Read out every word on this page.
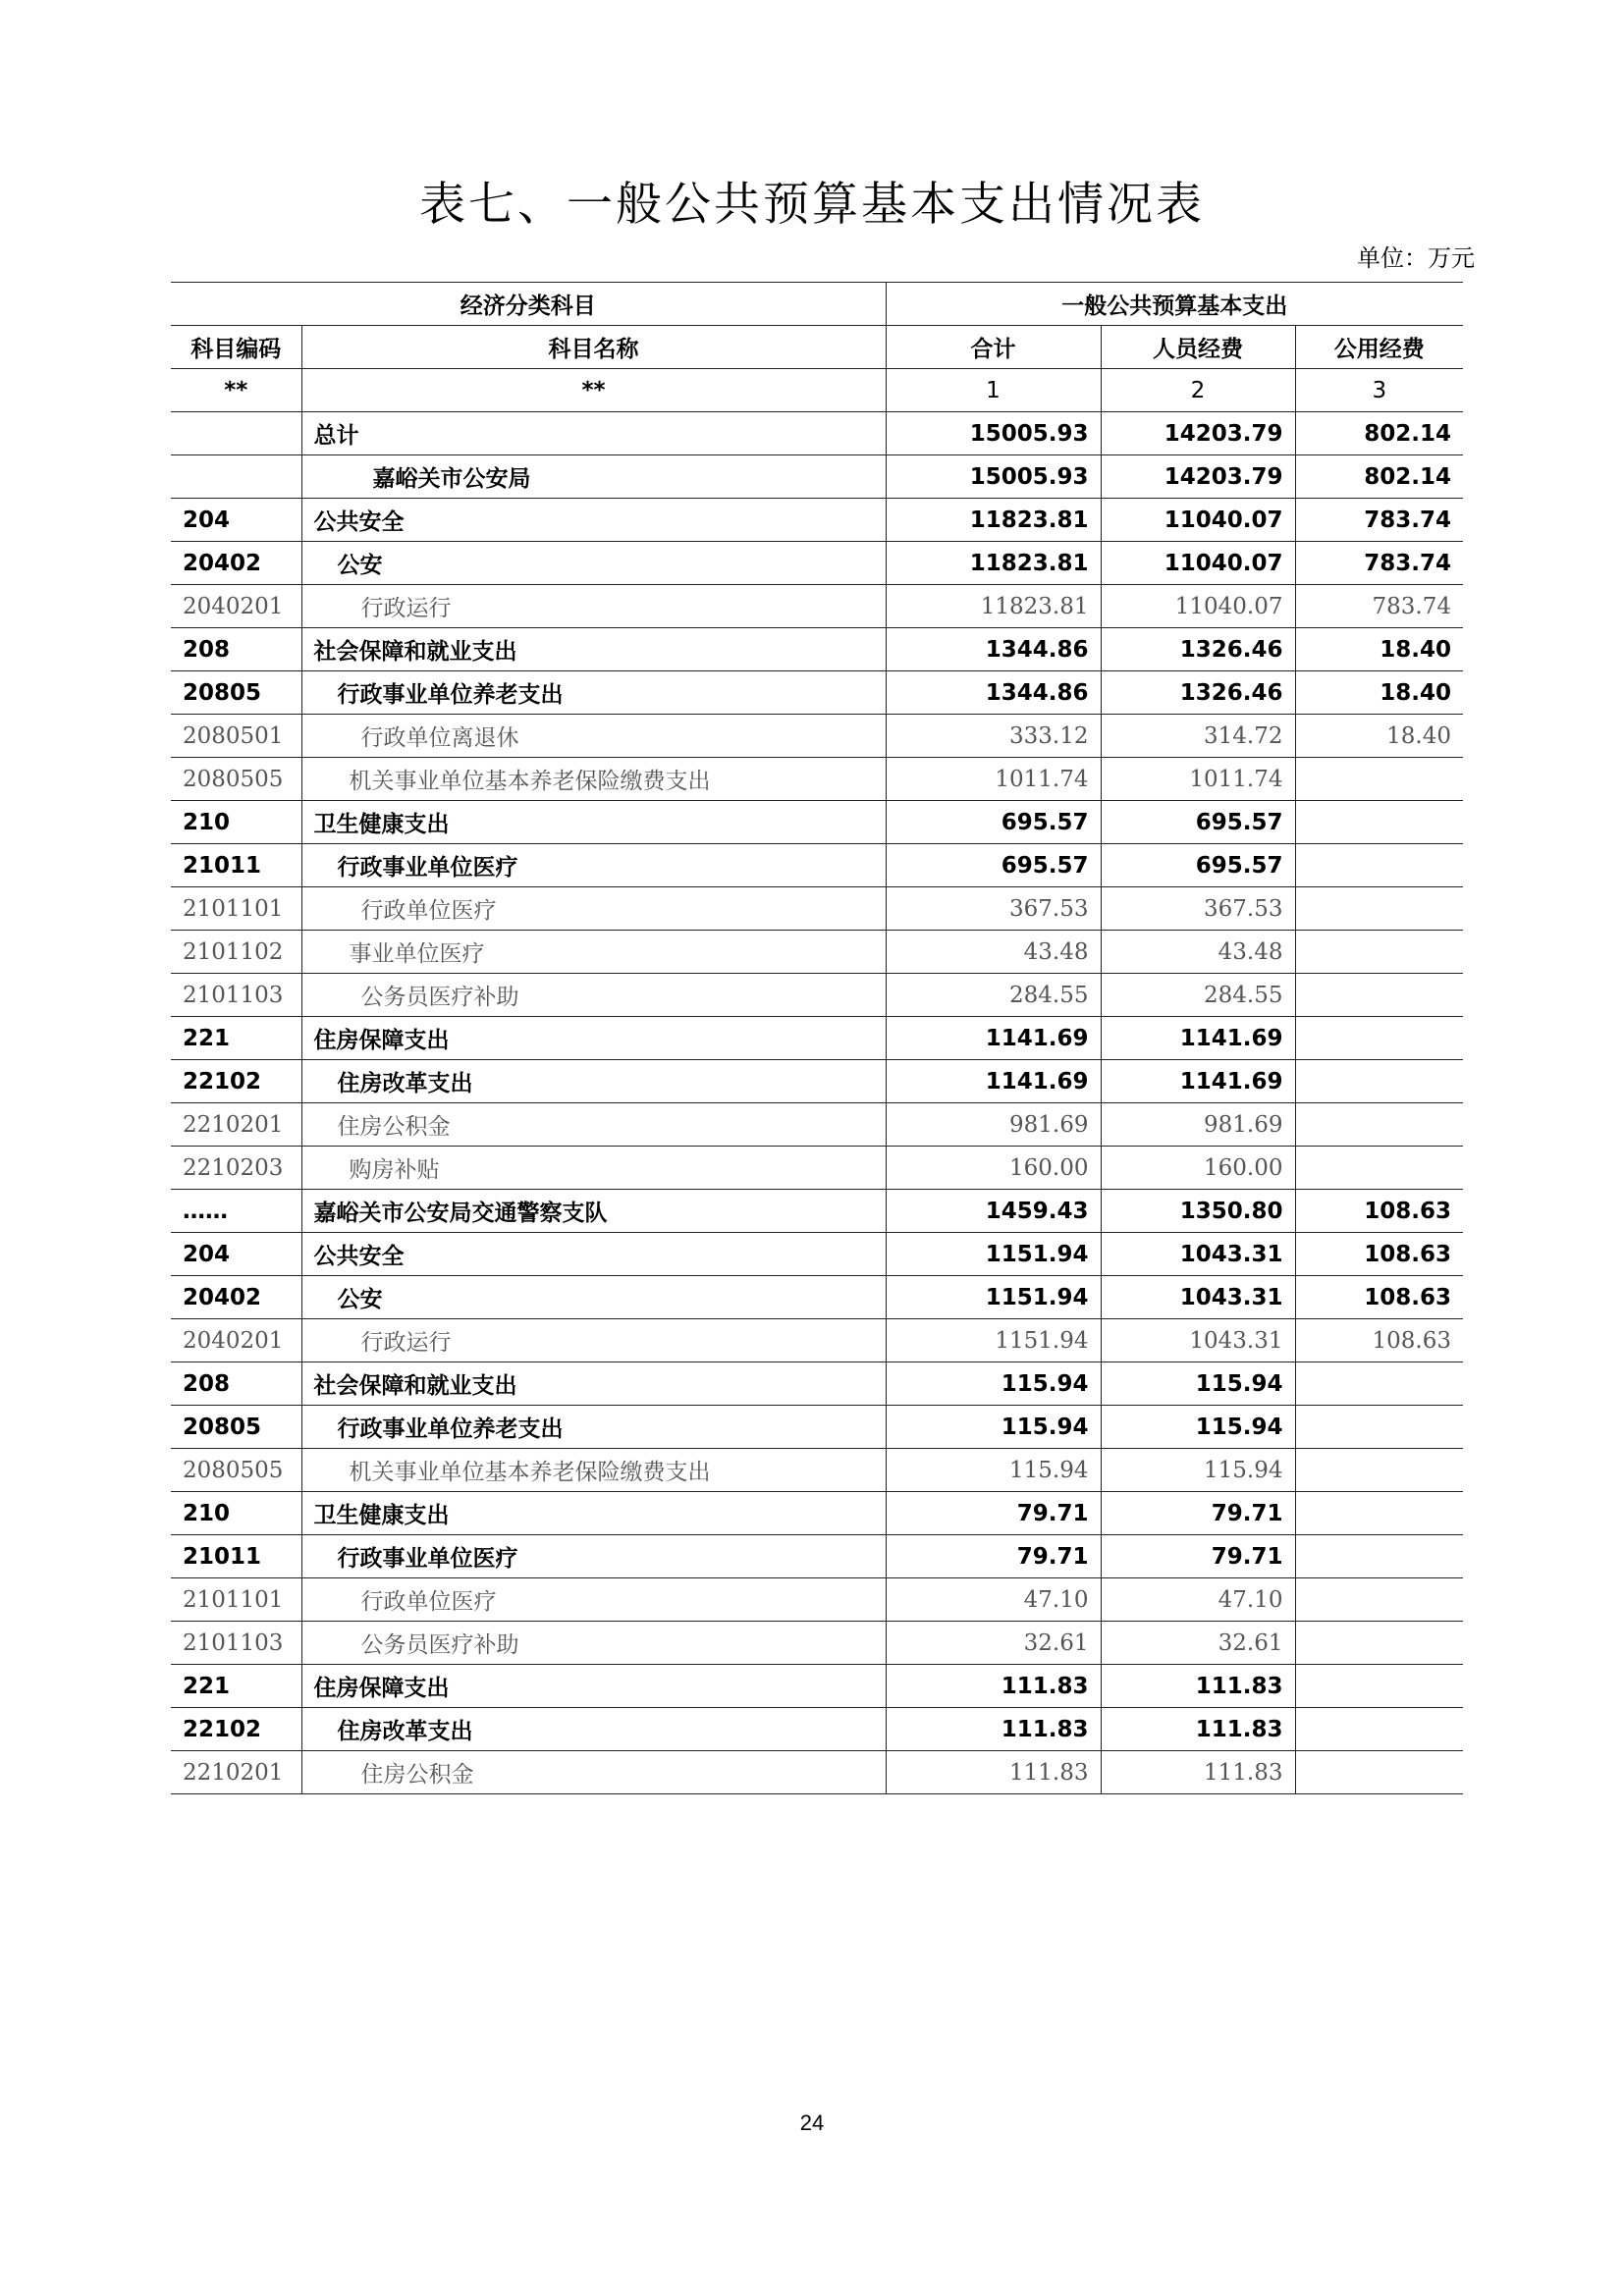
表七、一般公共预算基本支出情况表
单位：万元
经济分类科目		一般公共预算基本支出		
科目编码	科目名称	合计	人员经费	公用经费
**	**	1	2	3
	总计	15005.93	14203.79	802.14
	嘉峪关市公安局	15005.93	14203.79	802.14
204	公共安全	11823.81	11040.07	783.74
20402	公安	11823.81	11040.07	783.74
2040201	行政运行	11823.81	11040.07	783.74
208	社会保障和就业支出	1344.86	1326.46	18.40
20805	行政事业单位养老支出	1344.86	1326.46	18.40
2080501	行政单位离退休	333.12	314.72	18.40
2080505	机关事业单位基本养老保险缴费支出	1011.74	1011.74	
210	卫生健康支出	695.57	695.57	
21011	行政事业单位医疗	695.57	695.57	
2101101	行政单位医疗	367.53	367.53	
2101102	事业单位医疗	43.48	43.48	
2101103	公务员医疗补助	284.55	284.55	
221	住房保障支出	1141.69	1141.69	
22102	住房改革支出	1141.69	1141.69	
2210201	住房公积金	981.69	981.69	
2210203	购房补贴	160.00	160.00	
……	嘉峪关市公安局交通警察支队	1459.43	1350.80	108.63
204	公共安全	1151.94	1043.31	108.63
20402	公安	1151.94	1043.31	108.63
2040201	行政运行	1151.94	1043.31	108.63
208	社会保障和就业支出	115.94	115.94	
20805	行政事业单位养老支出	115.94	115.94	
2080505	机关事业单位基本养老保险缴费支出	115.94	115.94	
210	卫生健康支出	79.71	79.71	
21011	行政事业单位医疗	79.71	79.71	
2101101	行政单位医疗	47.10	47.10	
2101103	公务员医疗补助	32.61	32.61	
221	住房保障支出	111.83	111.83	
22102	住房改革支出	111.83	111.83	
2210201	住房公积金	111.83	111.83	
24
